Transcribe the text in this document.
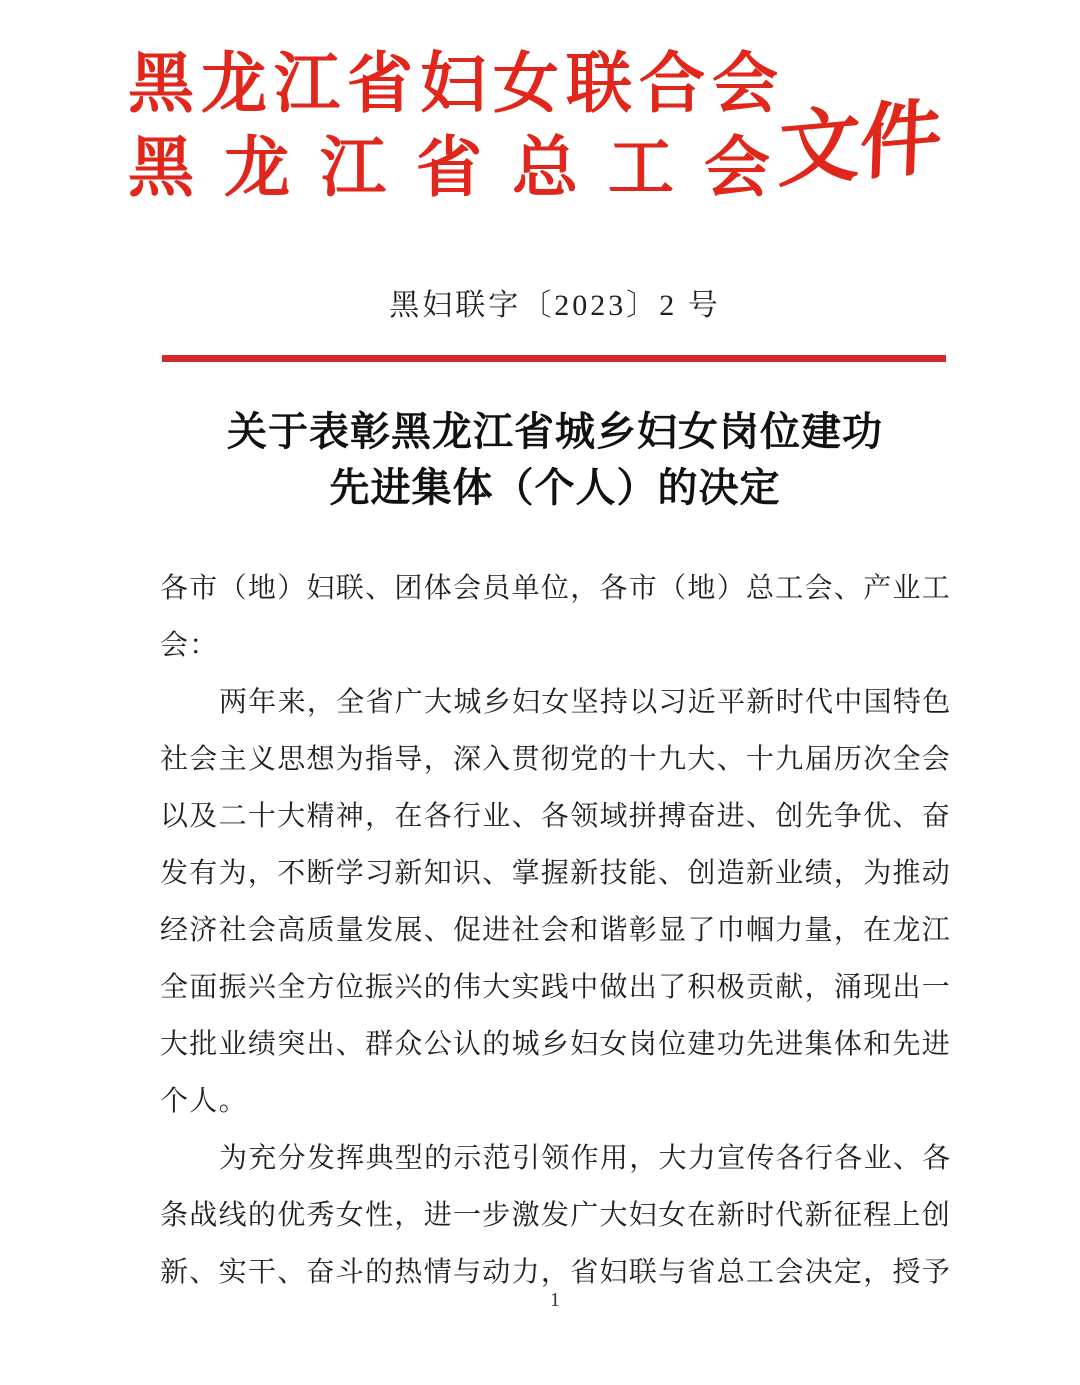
黑龙江省妇女联合会
黑龙江省总工会
文件
黑妇联字〔2023〕2 号
关于表彰黑龙江省城乡妇女岗位建功
先进集体（个人）的决定
各市（地）妇联、团体会员单位，各市（地）总工会、产业工
会：
两年来，全省广大城乡妇女坚持以习近平新时代中国特色
社会主义思想为指导，深入贯彻党的十九大、十九届历次全会
以及二十大精神，在各行业、各领域拼搏奋进、创先争优、奋
发有为，不断学习新知识、掌握新技能、创造新业绩，为推动
经济社会高质量发展、促进社会和谐彰显了巾帼力量，在龙江
全面振兴全方位振兴的伟大实践中做出了积极贡献，涌现出一
大批业绩突出、群众公认的城乡妇女岗位建功先进集体和先进
个人。
为充分发挥典型的示范引领作用，大力宣传各行各业、各
条战线的优秀女性，进一步激发广大妇女在新时代新征程上创
新、实干、奋斗的热情与动力，省妇联与省总工会决定，授予
1
